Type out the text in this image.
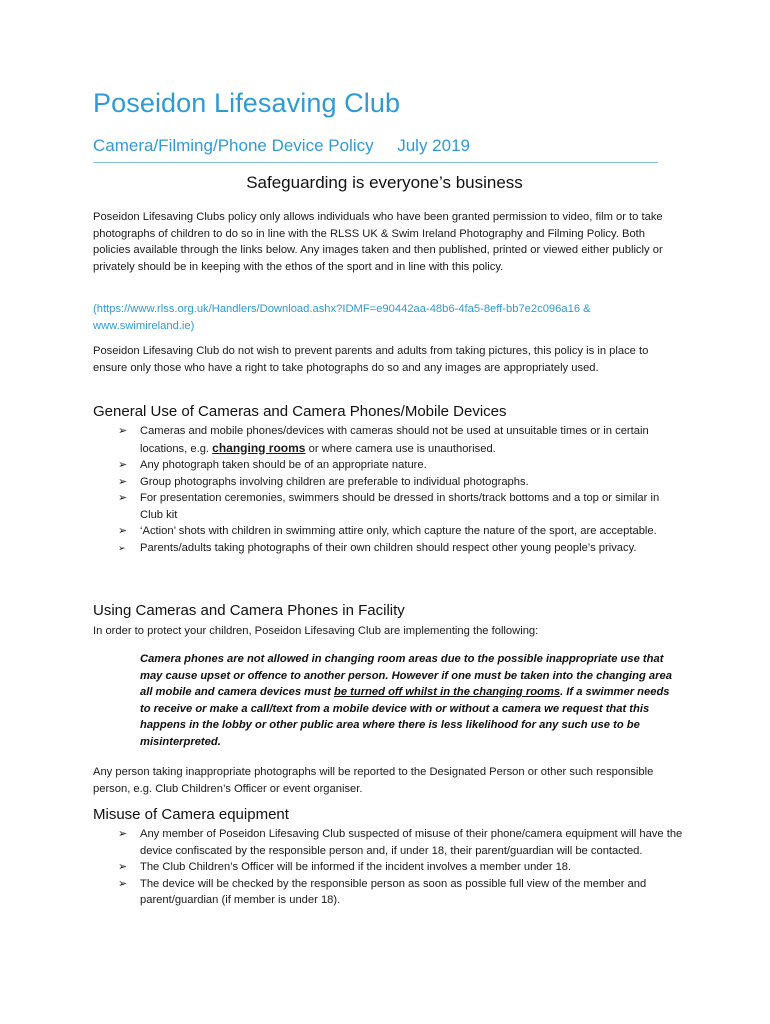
Poseidon Lifesaving Club
Camera/Filming/Phone Device Policy     July 2019
Safeguarding is everyone’s business

Poseidon Lifesaving Clubs policy only allows individuals who have been granted permission to video, film or to take photographs of children to do so in line with the RLSS UK & Swim Ireland Photography and Filming Policy. Both policies available through the links below. Any images taken and then published, printed or viewed either publicly or privately should be in keeping with the ethos of the sport and in line with this policy.

(https://www.rlss.org.uk/Handlers/Download.ashx?IDMF=e90442aa-48b6-4fa5-8eff-bb7e2c096a16 & www.swimireland.ie)

Poseidon Lifesaving Club do not wish to prevent parents and adults from taking pictures, this policy is in place to ensure only those who have a right to take photographs do so and any images are appropriately used.

General Use of Cameras and Camera Phones/Mobile Devices
➢ Cameras and mobile phones/devices with cameras should not be used at unsuitable times or in certain locations, e.g. changing rooms or where camera use is unauthorised.
➢ Any photograph taken should be of an appropriate nature.
➢ Group photographs involving children are preferable to individual photographs.
➢ For presentation ceremonies, swimmers should be dressed in shorts/track bottoms and a top or similar in Club kit
➢ ‘Action’ shots with children in swimming attire only, which capture the nature of the sport, are acceptable.
➢ Parents/adults taking photographs of their own children should respect other young people’s privacy.
Using Cameras and Camera Phones in Facility

In order to protect your children, Poseidon Lifesaving Club are implementing the following:

Camera phones are not allowed in changing room areas due to the possible inappropriate use that may cause upset or offence to another person. However if one must be taken into the changing area all mobile and camera devices must be turned off whilst in the changing rooms. If a swimmer needs to receive or make a call/text from a mobile device with or without a camera we request that this happens in the lobby or other public area where there is less likelihood for any such use to be misinterpreted.

Any person taking inappropriate photographs will be reported to the Designated Person or other such responsible person, e.g. Club Children’s Officer or event organiser.

Misuse of Camera equipment
➢ Any member of Poseidon Lifesaving Club suspected of misuse of their phone/camera equipment will have the device confiscated by the responsible person and, if under 18, their parent/guardian will be contacted.
➢ The Club Children’s Officer will be informed if the incident involves a member under 18.
➢ The device will be checked by the responsible person as soon as possible full view of the member and parent/guardian (if member is under 18).
